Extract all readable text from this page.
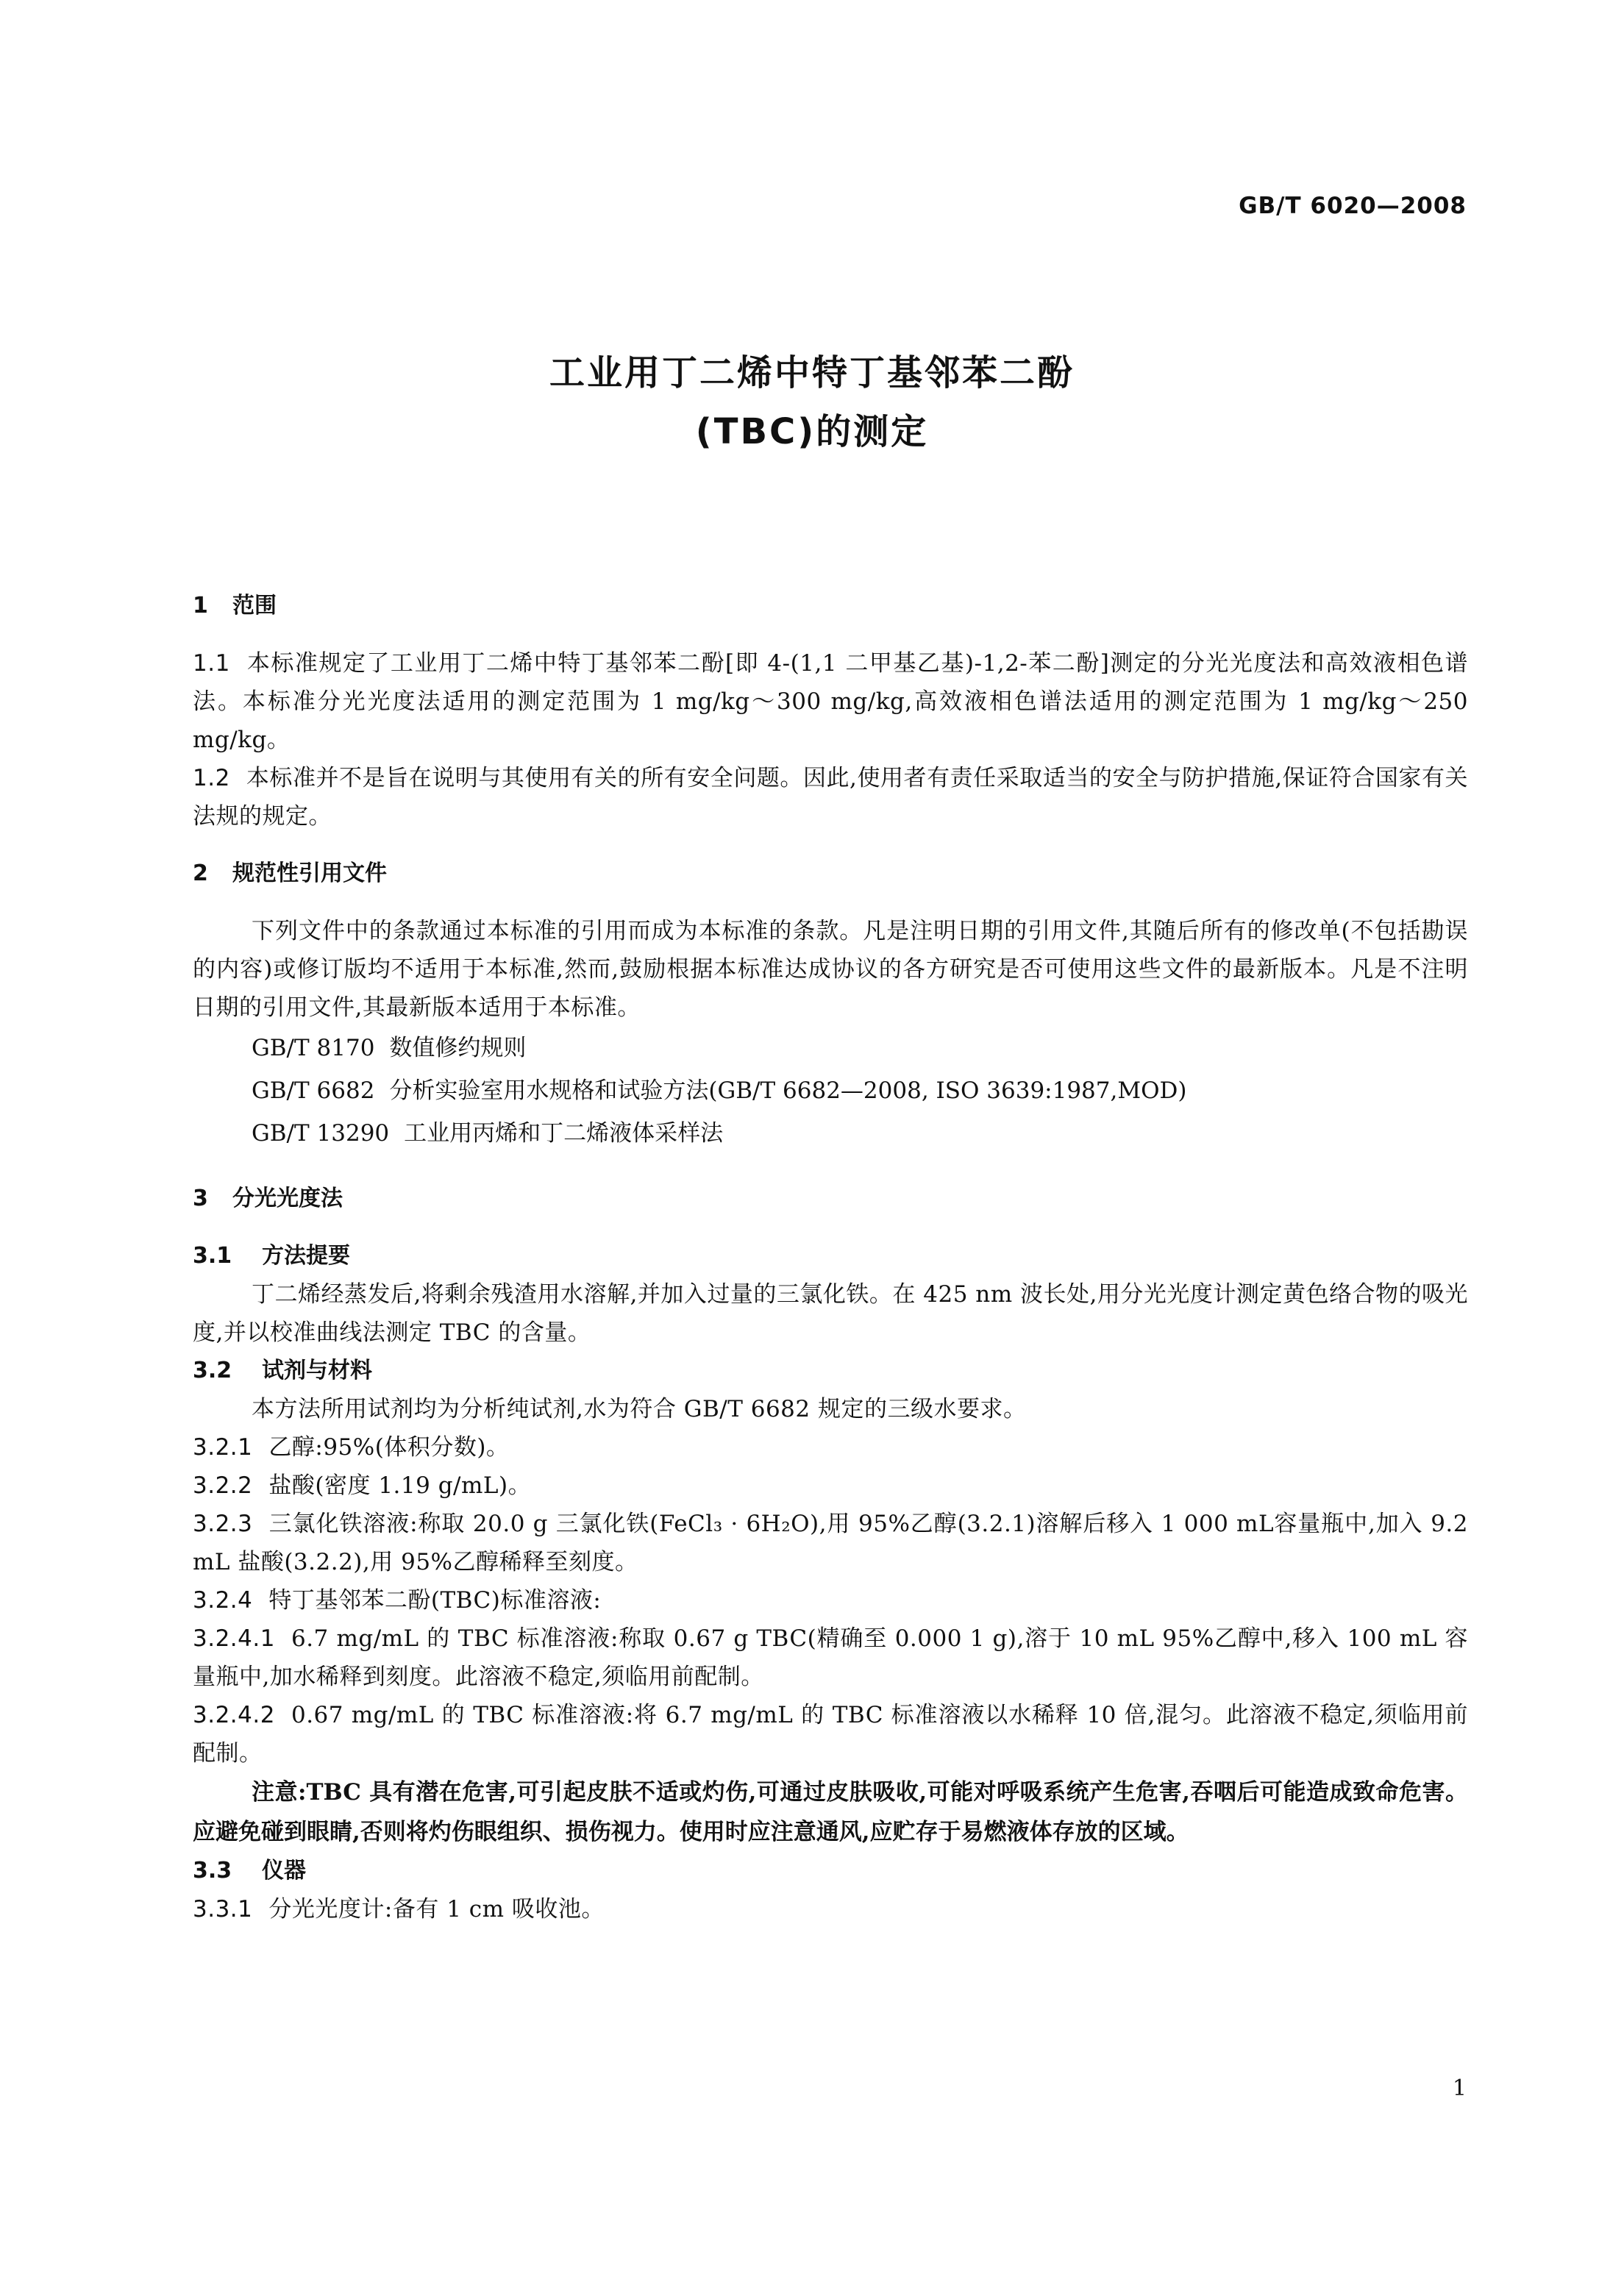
GB/T 6020—2008
工业用丁二烯中特丁基邻苯二酚
(TBC)的测定
1 范围
1.1 本标准规定了工业用丁二烯中特丁基邻苯二酚[即 4-(1,1 二甲基乙基)-1,2-苯二酚]测定的分光光度法和高效液相色谱法。本标准分光光度法适用的测定范围为 1 mg/kg～300 mg/kg,高效液相色谱法适用的测定范围为 1 mg/kg～250 mg/kg。
1.2 本标准并不是旨在说明与其使用有关的所有安全问题。因此,使用者有责任采取适当的安全与防护措施,保证符合国家有关法规的规定。
2 规范性引用文件
下列文件中的条款通过本标准的引用而成为本标准的条款。凡是注明日期的引用文件,其随后所有的修改单(不包括勘误的内容)或修订版均不适用于本标准,然而,鼓励根据本标准达成协议的各方研究是否可使用这些文件的最新版本。凡是不注明日期的引用文件,其最新版本适用于本标准。
GB/T 8170 数值修约规则
GB/T 6682 分析实验室用水规格和试验方法(GB/T 6682—2008, ISO 3639:1987,MOD)
GB/T 13290 工业用丙烯和丁二烯液体采样法
3 分光光度法
3.1 方法提要
丁二烯经蒸发后,将剩余残渣用水溶解,并加入过量的三氯化铁。在 425 nm 波长处,用分光光度计测定黄色络合物的吸光度,并以校准曲线法测定 TBC 的含量。
3.2 试剂与材料
本方法所用试剂均为分析纯试剂,水为符合 GB/T 6682 规定的三级水要求。
3.2.1 乙醇:95%(体积分数)。
3.2.2 盐酸(密度 1.19 g/mL)。
3.2.3 三氯化铁溶液:称取 20.0 g 三氯化铁(FeCl₃ · 6H₂O),用 95%乙醇(3.2.1)溶解后移入 1 000 mL容量瓶中,加入 9.2 mL 盐酸(3.2.2),用 95%乙醇稀释至刻度。
3.2.4 特丁基邻苯二酚(TBC)标准溶液:
3.2.4.1 6.7 mg/mL 的 TBC 标准溶液:称取 0.67 g TBC(精确至 0.000 1 g),溶于 10 mL 95%乙醇中,移入 100 mL 容量瓶中,加水稀释到刻度。此溶液不稳定,须临用前配制。
3.2.4.2 0.67 mg/mL 的 TBC 标准溶液:将 6.7 mg/mL 的 TBC 标准溶液以水稀释 10 倍,混匀。此溶液不稳定,须临用前配制。
注意:TBC 具有潜在危害,可引起皮肤不适或灼伤,可通过皮肤吸收,可能对呼吸系统产生危害,吞咽后可能造成致命危害。应避免碰到眼睛,否则将灼伤眼组织、损伤视力。使用时应注意通风,应贮存于易燃液体存放的区域。
3.3 仪器
3.3.1 分光光度计:备有 1 cm 吸收池。
1
